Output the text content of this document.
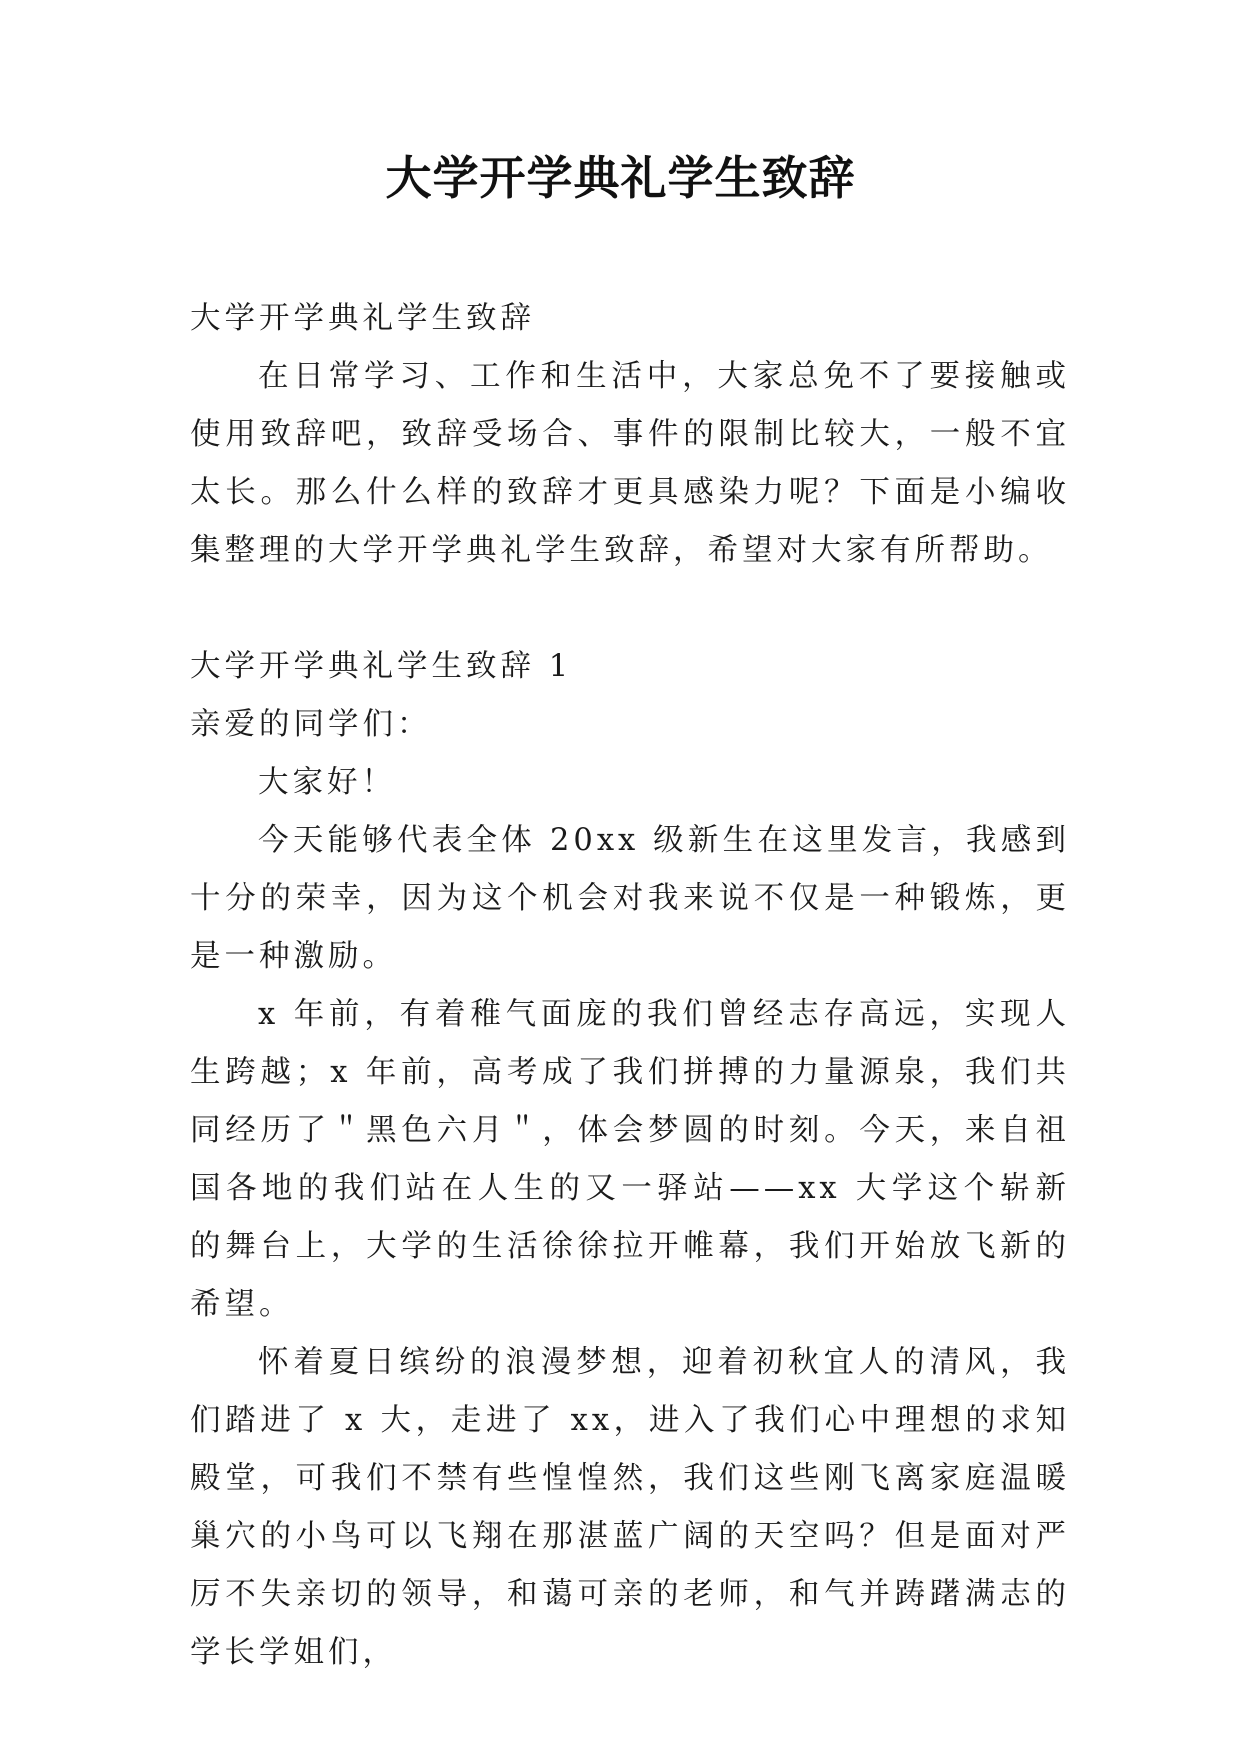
大学开学典礼学生致辞

大学开学典礼学生致辞

在日常学习、工作和生活中，大家总免不了要接触或使用致辞吧，致辞受场合、事件的限制比较大，一般不宜太长。那么什么样的致辞才更具感染力呢？下面是小编收集整理的大学开学典礼学生致辞，希望对大家有所帮助。

大学开学典礼学生致辞 1

亲爱的同学们：

大家好！

今天能够代表全体 20xx 级新生在这里发言，我感到十分的荣幸，因为这个机会对我来说不仅是一种锻炼，更是一种激励。

x 年前，有着稚气面庞的我们曾经志存高远，实现人生跨越；x 年前，高考成了我们拼搏的力量源泉，我们共同经历了＂黑色六月＂，体会梦圆的时刻。今天，来自祖国各地的我们站在人生的又一驿站——xx 大学这个崭新的舞台上，大学的生活徐徐拉开帷幕，我们开始放飞新的希望。

怀着夏日缤纷的浪漫梦想，迎着初秋宜人的清风，我们踏进了 x 大，走进了 xx，进入了我们心中理想的求知殿堂，可我们不禁有些惶惶然，我们这些刚飞离家庭温暖巢穴的小鸟可以飞翔在那湛蓝广阔的天空吗？但是面对严厉不失亲切的领导，和蔼可亲的老师，和气并踌躇满志的学长学姐们，
